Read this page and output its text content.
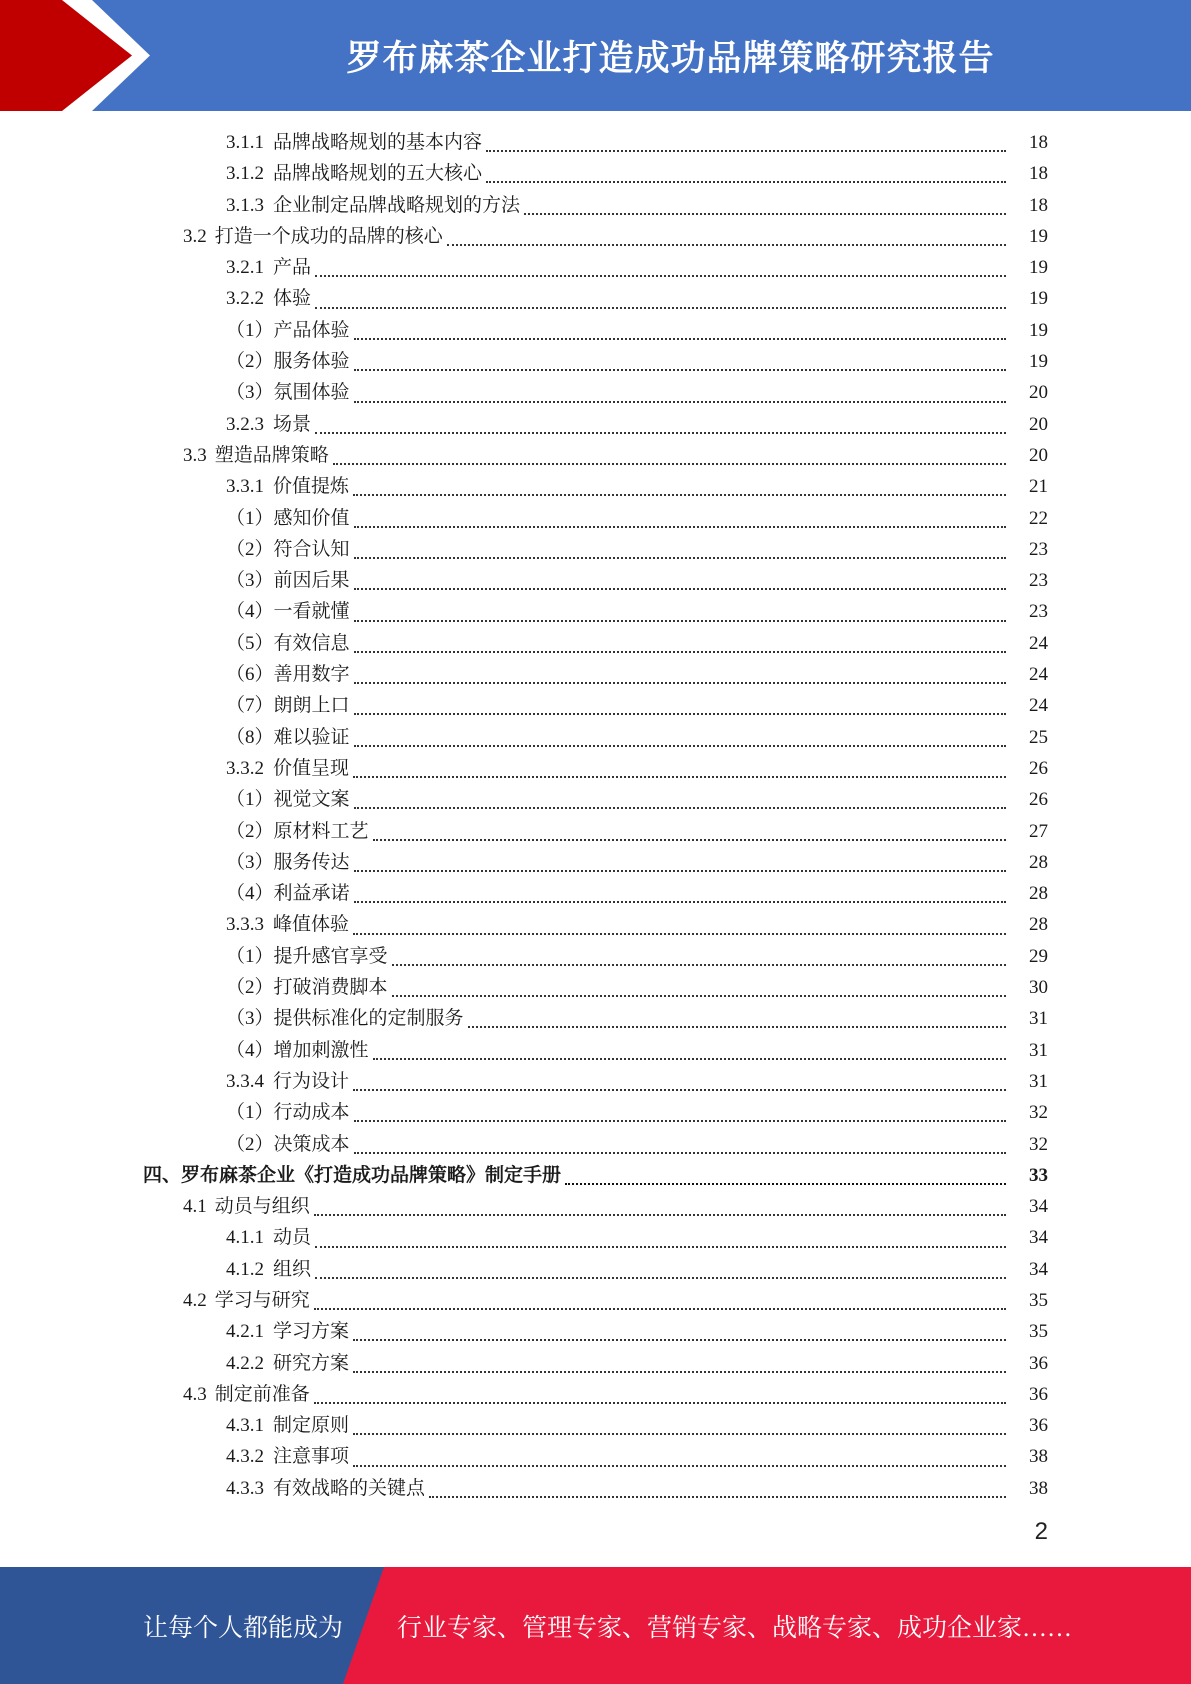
罗布麻茶企业打造成功品牌策略研究报告
3.1.1 品牌战略规划的基本内容	18
3.1.2 品牌战略规划的五大核心	18
3.1.3 企业制定品牌战略规划的方法	18
3.2 打造一个成功的品牌的核心	19
3.2.1 产品	19
3.2.2 体验	19
（1） 产品体验	19
（2） 服务体验	19
（3） 氛围体验	20
3.2.3 场景	20
3.3 塑造品牌策略	20
3.3.1 价值提炼	21
（1） 感知价值	22
（2） 符合认知	23
（3） 前因后果	23
（4） 一看就懂	23
（5） 有效信息	24
（6） 善用数字	24
（7） 朗朗上口	24
（8） 难以验证	25
3.3.2 价值呈现	26
（1） 视觉文案	26
（2） 原材料工艺	27
（3） 服务传达	28
（4） 利益承诺	28
3.3.3 峰值体验	28
（1） 提升感官享受	29
（2） 打破消费脚本	30
（3） 提供标准化的定制服务	31
（4） 增加刺激性	31
3.3.4 行为设计	31
（1） 行动成本	32
（2） 决策成本	32
四、 罗布麻茶企业《打造成功品牌策略》制定手册	33
4.1 动员与组织	34
4.1.1 动员	34
4.1.2 组织	34
4.2 学习与研究	35
4.2.1 学习方案	35
4.2.2 研究方案	36
4.3 制定前准备	36
4.3.1 制定原则	36
4.3.2 注意事项	38
4.3.3 有效战略的关键点	38
2
让每个人都能成为 行业专家、管理专家、营销专家、战略专家、成功企业家……
